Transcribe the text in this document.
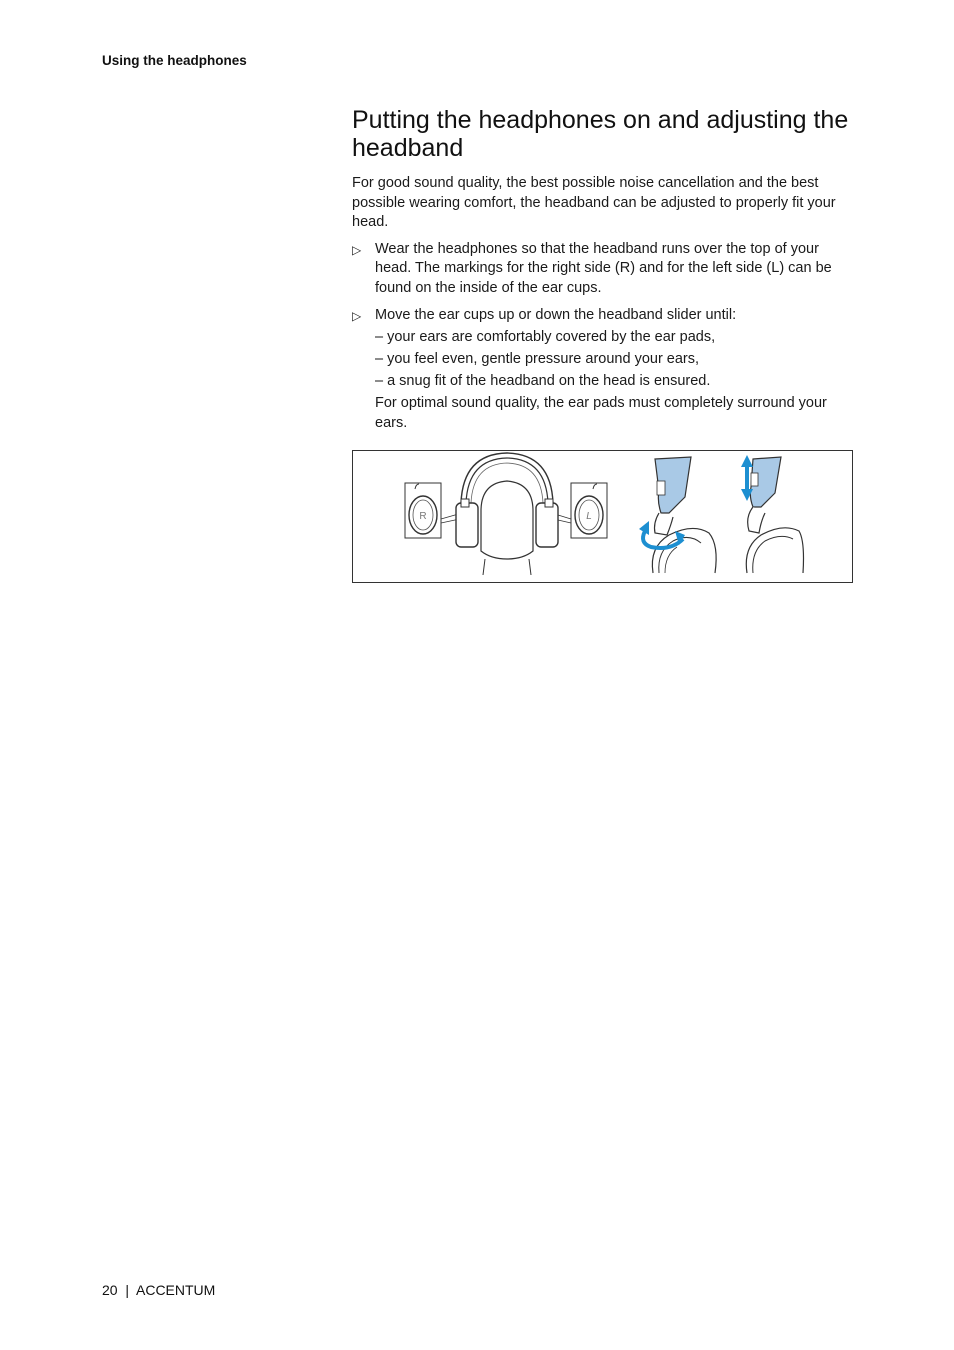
Using the headphones
Putting the headphones on and adjusting the headband

For good sound quality, the best possible noise cancellation and the best possible wearing comfort, the headband can be adjusted to properly fit your head.

▷ Wear the headphones so that the headband runs over the top of your head. The markings for the right side (R) and for the left side (L) can be found on the inside of the ear cups.
▷ Move the ear cups up or down the headband slider until:
– your ears are comfortably covered by the ear pads,
– you feel even, gentle pressure around your ears,
– a snug fit of the headband on the head is ensured.
For optimal sound quality, the ear pads must completely surround your ears.
R	L
20  |  ACCENTUM
